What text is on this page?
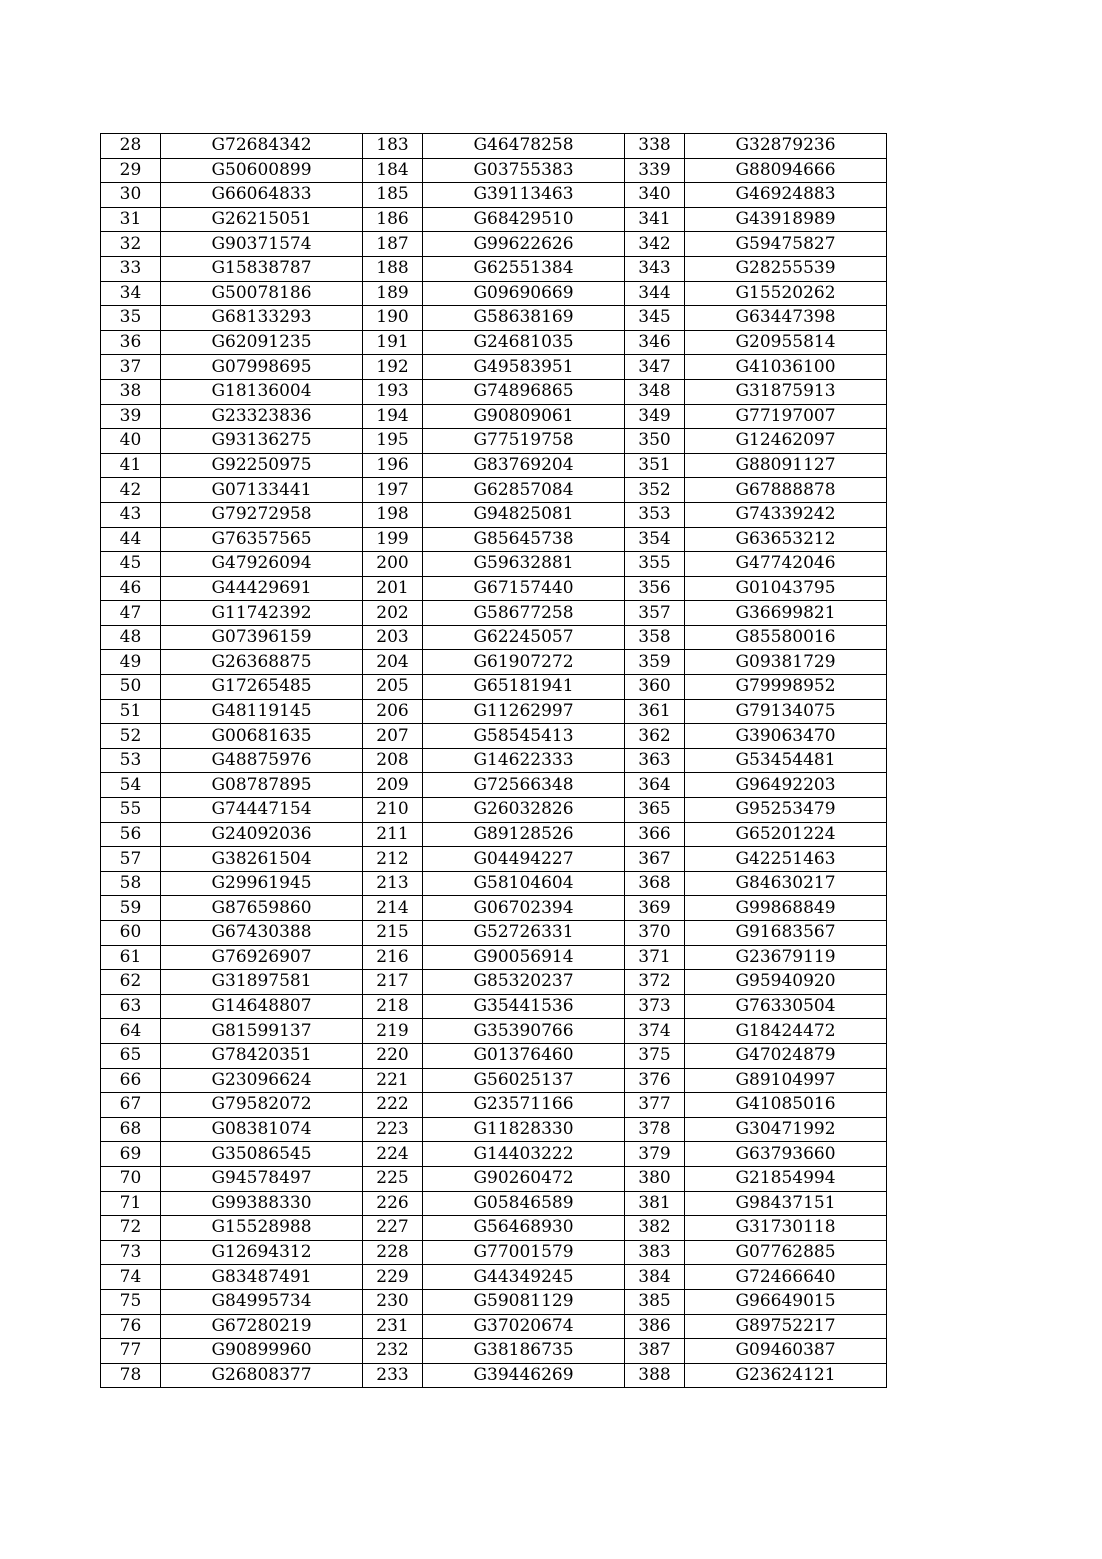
28	G72684342	183	G46478258	338	G32879236
29	G50600899	184	G03755383	339	G88094666
30	G66064833	185	G39113463	340	G46924883
31	G26215051	186	G68429510	341	G43918989
32	G90371574	187	G99622626	342	G59475827
33	G15838787	188	G62551384	343	G28255539
34	G50078186	189	G09690669	344	G15520262
35	G68133293	190	G58638169	345	G63447398
36	G62091235	191	G24681035	346	G20955814
37	G07998695	192	G49583951	347	G41036100
38	G18136004	193	G74896865	348	G31875913
39	G23323836	194	G90809061	349	G77197007
40	G93136275	195	G77519758	350	G12462097
41	G92250975	196	G83769204	351	G88091127
42	G07133441	197	G62857084	352	G67888878
43	G79272958	198	G94825081	353	G74339242
44	G76357565	199	G85645738	354	G63653212
45	G47926094	200	G59632881	355	G47742046
46	G44429691	201	G67157440	356	G01043795
47	G11742392	202	G58677258	357	G36699821
48	G07396159	203	G62245057	358	G85580016
49	G26368875	204	G61907272	359	G09381729
50	G17265485	205	G65181941	360	G79998952
51	G48119145	206	G11262997	361	G79134075
52	G00681635	207	G58545413	362	G39063470
53	G48875976	208	G14622333	363	G53454481
54	G08787895	209	G72566348	364	G96492203
55	G74447154	210	G26032826	365	G95253479
56	G24092036	211	G89128526	366	G65201224
57	G38261504	212	G04494227	367	G42251463
58	G29961945	213	G58104604	368	G84630217
59	G87659860	214	G06702394	369	G99868849
60	G67430388	215	G52726331	370	G91683567
61	G76926907	216	G90056914	371	G23679119
62	G31897581	217	G85320237	372	G95940920
63	G14648807	218	G35441536	373	G76330504
64	G81599137	219	G35390766	374	G18424472
65	G78420351	220	G01376460	375	G47024879
66	G23096624	221	G56025137	376	G89104997
67	G79582072	222	G23571166	377	G41085016
68	G08381074	223	G11828330	378	G30471992
69	G35086545	224	G14403222	379	G63793660
70	G94578497	225	G90260472	380	G21854994
71	G99388330	226	G05846589	381	G98437151
72	G15528988	227	G56468930	382	G31730118
73	G12694312	228	G77001579	383	G07762885
74	G83487491	229	G44349245	384	G72466640
75	G84995734	230	G59081129	385	G96649015
76	G67280219	231	G37020674	386	G89752217
77	G90899960	232	G38186735	387	G09460387
78	G26808377	233	G39446269	388	G23624121
